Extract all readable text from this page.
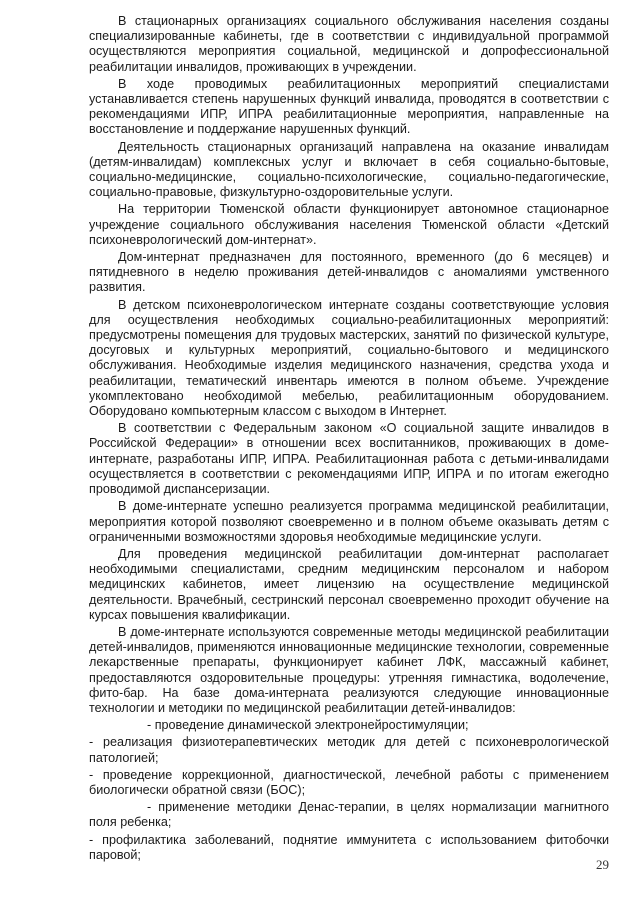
В стационарных организациях социального обслуживания населения созданы специализированные кабинеты, где в соответствии с индивидуальной программой осуществляются мероприятия социальной, медицинской и допрофессиональной реабилитации инвалидов, проживающих в учреждении.

В ходе проводимых реабилитационных мероприятий специалистами устанавливается степень нарушенных функций инвалида, проводятся в соответствии с рекомендациями ИПР, ИПРА реабилитационные мероприятия, направленные на восстановление и поддержание нарушенных функций.

Деятельность стационарных организаций направлена на оказание инвалидам (детям-инвалидам) комплексных услуг и включает в себя социально-бытовые, социально-медицинские, социально-психологические, социально-педагогические, социально-правовые, физкультурно-оздоровительные услуги.

На территории Тюменской области функционирует автономное стационарное учреждение социального обслуживания населения Тюменской области «Детский психоневрологический дом-интернат».

Дом-интернат предназначен для постоянного, временного (до 6 месяцев) и пятидневного в неделю проживания детей-инвалидов с аномалиями умственного развития.

В детском психоневрологическом интернате созданы соответствующие условия для осуществления необходимых социально-реабилитационных мероприятий: предусмотрены помещения для трудовых мастерских, занятий по физической культуре, досуговых и культурных мероприятий, социально-бытового и медицинского обслуживания. Необходимые изделия медицинского назначения, средства ухода и реабилитации, тематический инвентарь имеются в полном объеме. Учреждение укомплектовано необходимой мебелью, реабилитационным оборудованием. Оборудовано компьютерным классом с выходом в Интернет.

В соответствии с Федеральным законом «О социальной защите инвалидов в Российской Федерации» в отношении всех воспитанников, проживающих в доме-интернате, разработаны ИПР, ИПРА. Реабилитационная работа с детьми-инвалидами осуществляется в соответствии с рекомендациями ИПР, ИПРА и по итогам ежегодно проводимой диспансеризации.

В доме-интернате успешно реализуется программа медицинской реабилитации, мероприятия которой позволяют своевременно и в полном объеме оказывать детям с ограниченными возможностями здоровья необходимые медицинские услуги.

Для проведения медицинской реабилитации дом-интернат располагает необходимыми специалистами, средним медицинским персоналом и набором медицинских кабинетов, имеет лицензию на осуществление медицинской деятельности. Врачебный, сестринский персонал своевременно проходит обучение на курсах повышения квалификации.

В доме-интернате используются современные методы медицинской реабилитации детей-инвалидов, применяются инновационные медицинские технологии, современные лекарственные препараты, функционирует кабинет ЛФК, массажный кабинет, предоставляются оздоровительные процедуры: утренняя гимнастика, водолечение, фито-бар. На базе дома-интерната реализуются следующие инновационные технологии и методики по медицинской реабилитации детей-инвалидов:

- проведение динамической электронейростимуляции;

- реализация физиотерапевтических методик для детей с психоневрологической патологией;

- проведение коррекционной, диагностической, лечебной работы с применением биологически обратной связи (БОС);

- применение методики Денас-терапии, в целях нормализации магнитного поля ребенка;

- профилактика заболеваний, поднятие иммунитета с использованием фитобочки паровой;

29
